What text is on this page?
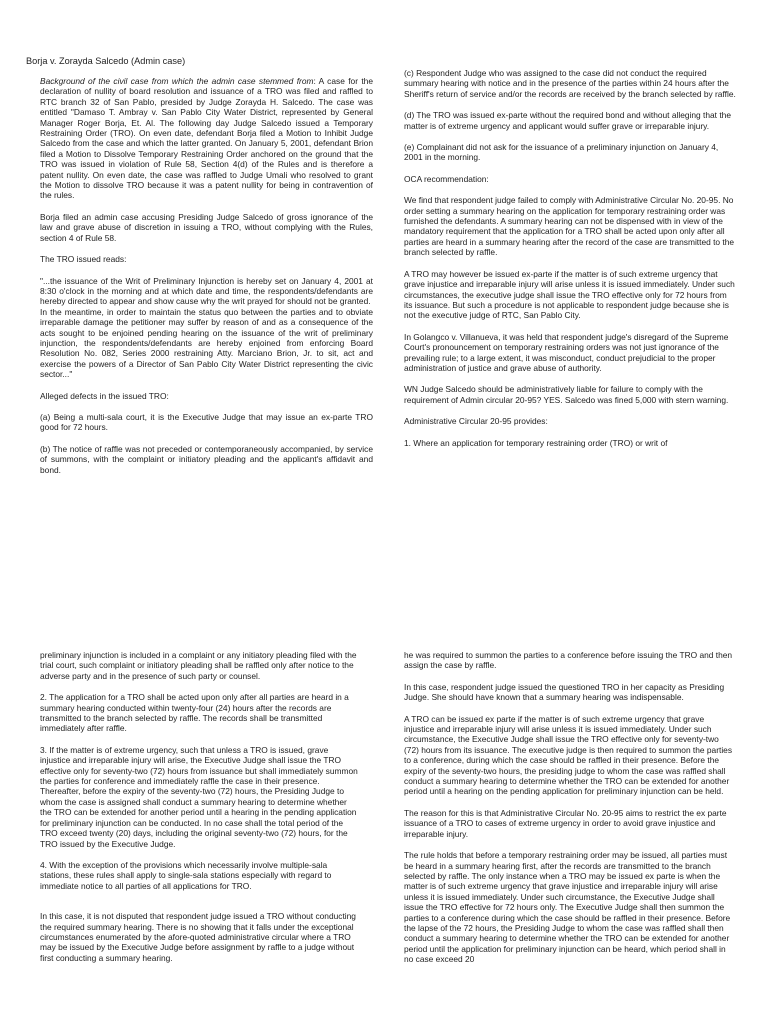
Borja v. Zorayda Salcedo (Admin case)

Background of the civil case from which the admin case stemmed from: A case for the declaration of nullity of board resolution and issuance of a TRO was filed and raffled to RTC branch 32 of San Pablo, presided by Judge Zorayda H. Salcedo. The case was entitled "Damaso T. Ambray v. San Pablo City Water District, represented by General Manager Roger Borja, Et. Al. The following day Judge Salcedo issued a Temporary Restraining Order (TRO). On even date, defendant Borja filed a Motion to Inhibit Judge Salcedo from the case and which the latter granted. On January 5, 2001, defendant Brion filed a Motion to Dissolve Temporary Restraining Order anchored on the ground that the TRO was issued in violation of Rule 58, Section 4(d) of the Rules and is therefore a patent nullity. On even date, the case was raffled to Judge Umali who resolved to grant the Motion to dissolve TRO because it was a patent nullity for being in contravention of the rules.

Borja filed an admin case accusing Presiding Judge Salcedo of gross ignorance of the law and grave abuse of discretion in issuing a TRO, without complying with the Rules, section 4 of Rule 58.

The TRO issued reads:

"...the issuance of the Writ of Preliminary Injunction is hereby set on January 4, 2001 at 8:30 o'clock in the morning and at which date and time, the respondents/defendants are hereby directed to appear and show cause why the writ prayed for should not be granted.
In the meantime, in order to maintain the status quo between the parties and to obviate irreparable damage the petitioner may suffer by reason of and as a consequence of the acts sought to be enjoined pending hearing on the issuance of the writ of preliminary injunction, the respondents/defendants are hereby enjoined from enforcing Board Resolution No. 082, Series 2000 restraining Atty. Marciano Brion, Jr. to sit, act and exercise the powers of a Director of San Pablo City Water District representing the civic sector..."

Alleged defects in the issued TRO:

(a) Being a multi-sala court, it is the Executive Judge that may issue an ex-parte TRO good for 72 hours.

(b) The notice of raffle was not preceded or contemporaneously accompanied, by service of summons, with the complaint or initiatory pleading and the applicant's affidavit and bond.

(c) Respondent Judge who was assigned to the case did not conduct the required summary hearing with notice and in the presence of the parties within 24 hours after the Sheriff's return of service and/or the records are received by the branch selected by raffle.

(d) The TRO was issued ex-parte without the required bond and without alleging that the matter is of extreme urgency and applicant would suffer grave or irreparable injury.

(e) Complainant did not ask for the issuance of a preliminary injunction on January 4, 2001 in the morning.

OCA recommendation:

We find that respondent judge failed to comply with Administrative Circular No. 20-95. No order setting a summary hearing on the application for temporary restraining order was furnished the defendants. A summary hearing can not be dispensed with in view of the mandatory requirement that the application for a TRO shall be acted upon only after all parties are heard in a summary hearing after the record of the case are transmitted to the branch selected by raffle.

A TRO may however be issued ex-parte if the matter is of such extreme urgency that grave injustice and irreparable injury will arise unless it is issued immediately. Under such circumstances, the executive judge shall issue the TRO effective only for 72 hours from its issuance. But such a procedure is not applicable to respondent judge because she is not the executive judge of RTC, San Pablo City.

In Golangco v. Villanueva, it was held that respondent judge's disregard of the Supreme Court's pronouncement on temporary restraining orders was not just ignorance of the prevailing rule; to a large extent, it was misconduct, conduct prejudicial to the proper administration of justice and grave abuse of authority.

WN Judge Salcedo should be administratively liable for failure to comply with the requirement of Admin circular 20-95? YES. Salcedo was fined 5,000 with stern warning.

Administrative Circular 20-95 provides:

1. Where an application for temporary restraining order (TRO) or writ of

preliminary injunction is included in a complaint or any initiatory pleading filed with the trial court, such complaint or initiatory pleading shall be raffled only after notice to the adverse party and in the presence of such party or counsel.

2. The application for a TRO shall be acted upon only after all parties are heard in a summary hearing conducted within twenty-four (24) hours after the records are transmitted to the branch selected by raffle. The records shall be transmitted immediately after raffle.

3. If the matter is of extreme urgency, such that unless a TRO is issued, grave injustice and irreparable injury will arise, the Executive Judge shall issue the TRO effective only for seventy-two (72) hours from issuance but shall immediately summon the parties for conference and immediately raffle the case in their presence. Thereafter, before the expiry of the seventy-two (72) hours, the Presiding Judge to whom the case is assigned shall conduct a summary hearing to determine whether the TRO can be extended for another period until a hearing in the pending application for preliminary injunction can be conducted. In no case shall the total period of the TRO exceed twenty (20) days, including the original seventy-two (72) hours, for the TRO issued by the Executive Judge.

4. With the exception of the provisions which necessarily involve multiple-sala stations, these rules shall apply to single-sala stations especially with regard to immediate notice to all parties of all applications for TRO.

In this case, it is not disputed that respondent judge issued a TRO without conducting the required summary hearing. There is no showing that it falls under the exceptional circumstances enumerated by the afore-quoted administrative circular where a TRO may be issued by the Executive Judge before assignment by raffle to a judge without first conducting a summary hearing.

he was required to summon the parties to a conference before issuing the TRO and then assign the case by raffle.

In this case, respondent judge issued the questioned TRO in her capacity as Presiding Judge. She should have known that a summary hearing was indispensable.

A TRO can be issued ex parte if the matter is of such extreme urgency that grave injustice and irreparable injury will arise unless it is issued immediately. Under such circumstance, the Executive Judge shall issue the TRO effective only for seventy-two (72) hours from its issuance. The executive judge is then required to summon the parties to a conference, during which the case should be raffled in their presence. Before the expiry of the seventy-two hours, the presiding judge to whom the case was raffled shall conduct a summary hearing to determine whether the TRO can be extended for another period until a hearing on the pending application for preliminary injunction can be held.

The reason for this is that Administrative Circular No. 20-95 aims to restrict the ex parte issuance of a TRO to cases of extreme urgency in order to avoid grave injustice and irreparable injury.

The rule holds that before a temporary restraining order may be issued, all parties must be heard in a summary hearing first, after the records are transmitted to the branch selected by raffle. The only instance when a TRO may be issued ex parte is when the matter is of such extreme urgency that grave injustice and irreparable injury will arise unless it is issued immediately. Under such circumstance, the Executive Judge shall issue the TRO effective for 72 hours only. The Executive Judge shall then summon the parties to a conference during which the case should be raffled in their presence. Before the lapse of the 72 hours, the Presiding Judge to whom the case was raffled shall then conduct a summary hearing to determine whether the TRO can be extended for another period until the application for preliminary injunction can be heard, which period shall in no case exceed 20
